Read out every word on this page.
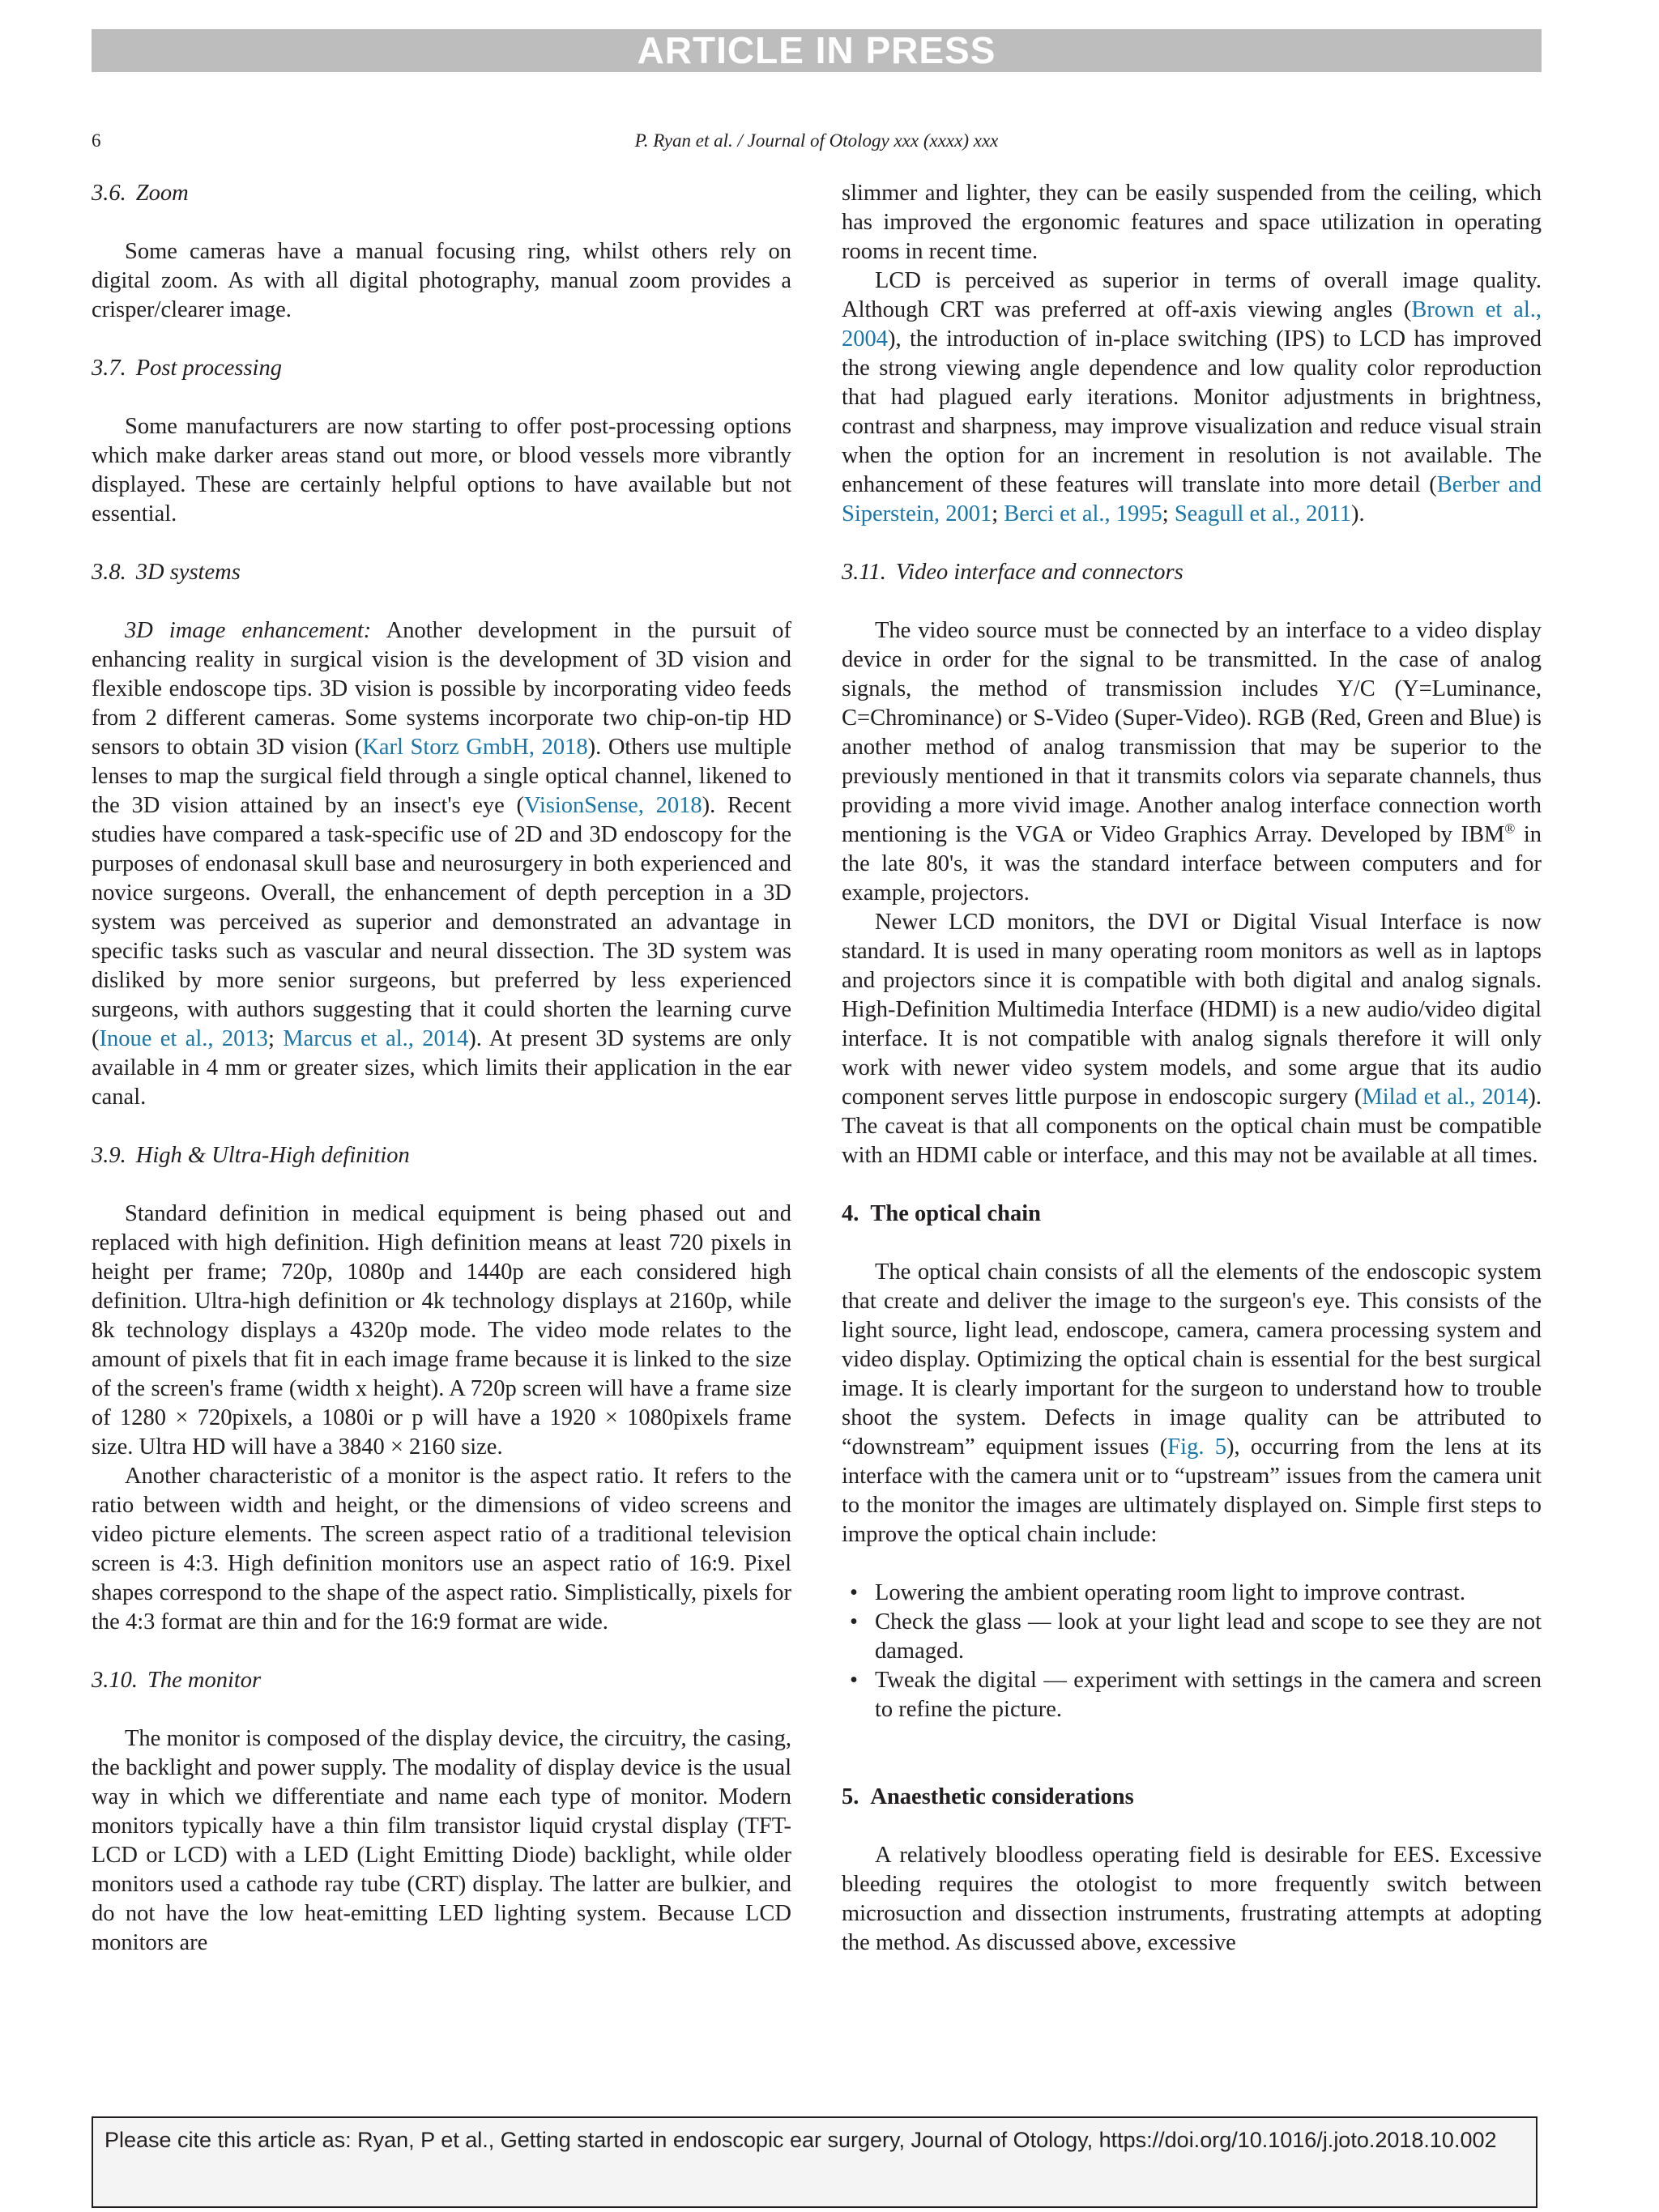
ARTICLE IN PRESS
6	P. Ryan et al. / Journal of Otology xxx (xxxx) xxx
3.6. Zoom

Some cameras have a manual focusing ring, whilst others rely on digital zoom. As with all digital photography, manual zoom provides a crisper/clearer image.

3.7. Post processing

Some manufacturers are now starting to offer post-processing options which make darker areas stand out more, or blood vessels more vibrantly displayed. These are certainly helpful options to have available but not essential.

3.8. 3D systems

3D image enhancement: Another development in the pursuit of enhancing reality in surgical vision is the development of 3D vision and flexible endoscope tips. 3D vision is possible by incorporating video feeds from 2 different cameras. Some systems incorporate two chip-on-tip HD sensors to obtain 3D vision (Karl Storz GmbH, 2018). Others use multiple lenses to map the surgical field through a single optical channel, likened to the 3D vision attained by an insect's eye (VisionSense, 2018). Recent studies have compared a task-specific use of 2D and 3D endoscopy for the purposes of endonasal skull base and neurosurgery in both experienced and novice surgeons. Overall, the enhancement of depth perception in a 3D system was perceived as superior and demonstrated an advantage in specific tasks such as vascular and neural dissection. The 3D system was disliked by more senior surgeons, but preferred by less experienced surgeons, with authors suggesting that it could shorten the learning curve (Inoue et al., 2013; Marcus et al., 2014). At present 3D systems are only available in 4 mm or greater sizes, which limits their application in the ear canal.

3.9. High & Ultra-High definition

Standard definition in medical equipment is being phased out and replaced with high definition. High definition means at least 720 pixels in height per frame; 720p, 1080p and 1440p are each considered high definition. Ultra-high definition or 4k technology displays at 2160p, while 8k technology displays a 4320p mode. The video mode relates to the amount of pixels that fit in each image frame because it is linked to the size of the screen's frame (width x height). A 720p screen will have a frame size of 1280 × 720pixels, a 1080i or p will have a 1920 × 1080pixels frame size. Ultra HD will have a 3840 × 2160 size.

Another characteristic of a monitor is the aspect ratio. It refers to the ratio between width and height, or the dimensions of video screens and video picture elements. The screen aspect ratio of a traditional television screen is 4:3. High definition monitors use an aspect ratio of 16:9. Pixel shapes correspond to the shape of the aspect ratio. Simplistically, pixels for the 4:3 format are thin and for the 16:9 format are wide.

3.10. The monitor

The monitor is composed of the display device, the circuitry, the casing, the backlight and power supply. The modality of display device is the usual way in which we differentiate and name each type of monitor. Modern monitors typically have a thin film transistor liquid crystal display (TFT-LCD or LCD) with a LED (Light Emitting Diode) backlight, while older monitors used a cathode ray tube (CRT) display. The latter are bulkier, and do not have the low heat-emitting LED lighting system. Because LCD monitors are

slimmer and lighter, they can be easily suspended from the ceiling, which has improved the ergonomic features and space utilization in operating rooms in recent time.

LCD is perceived as superior in terms of overall image quality. Although CRT was preferred at off-axis viewing angles (Brown et al., 2004), the introduction of in-place switching (IPS) to LCD has improved the strong viewing angle dependence and low quality color reproduction that had plagued early iterations. Monitor adjustments in brightness, contrast and sharpness, may improve visualization and reduce visual strain when the option for an increment in resolution is not available. The enhancement of these features will translate into more detail (Berber and Siperstein, 2001; Berci et al., 1995; Seagull et al., 2011).

3.11. Video interface and connectors

The video source must be connected by an interface to a video display device in order for the signal to be transmitted. In the case of analog signals, the method of transmission includes Y/C (Y=Luminance, C=Chrominance) or S-Video (Super-Video). RGB (Red, Green and Blue) is another method of analog transmission that may be superior to the previously mentioned in that it transmits colors via separate channels, thus providing a more vivid image. Another analog interface connection worth mentioning is the VGA or Video Graphics Array. Developed by IBM® in the late 80's, it was the standard interface between computers and for example, projectors.

Newer LCD monitors, the DVI or Digital Visual Interface is now standard. It is used in many operating room monitors as well as in laptops and projectors since it is compatible with both digital and analog signals. High-Definition Multimedia Interface (HDMI) is a new audio/video digital interface. It is not compatible with analog signals therefore it will only work with newer video system models, and some argue that its audio component serves little purpose in endoscopic surgery (Milad et al., 2014). The caveat is that all components on the optical chain must be compatible with an HDMI cable or interface, and this may not be available at all times.

4. The optical chain

The optical chain consists of all the elements of the endoscopic system that create and deliver the image to the surgeon's eye. This consists of the light source, light lead, endoscope, camera, camera processing system and video display. Optimizing the optical chain is essential for the best surgical image. It is clearly important for the surgeon to understand how to trouble shoot the system. Defects in image quality can be attributed to “downstream” equipment issues (Fig. 5), occurring from the lens at its interface with the camera unit or to “upstream” issues from the camera unit to the monitor the images are ultimately displayed on. Simple first steps to improve the optical chain include:

• Lowering the ambient operating room light to improve contrast.
• Check the glass — look at your light lead and scope to see they are not damaged.
• Tweak the digital — experiment with settings in the camera and screen to refine the picture.
5. Anaesthetic considerations

A relatively bloodless operating field is desirable for EES. Excessive bleeding requires the otologist to more frequently switch between microsuction and dissection instruments, frustrating attempts at adopting the method. As discussed above, excessive

Please cite this article as: Ryan, P et al., Getting started in endoscopic ear surgery, Journal of Otology, https://doi.org/10.1016/j.joto.2018.10.002
